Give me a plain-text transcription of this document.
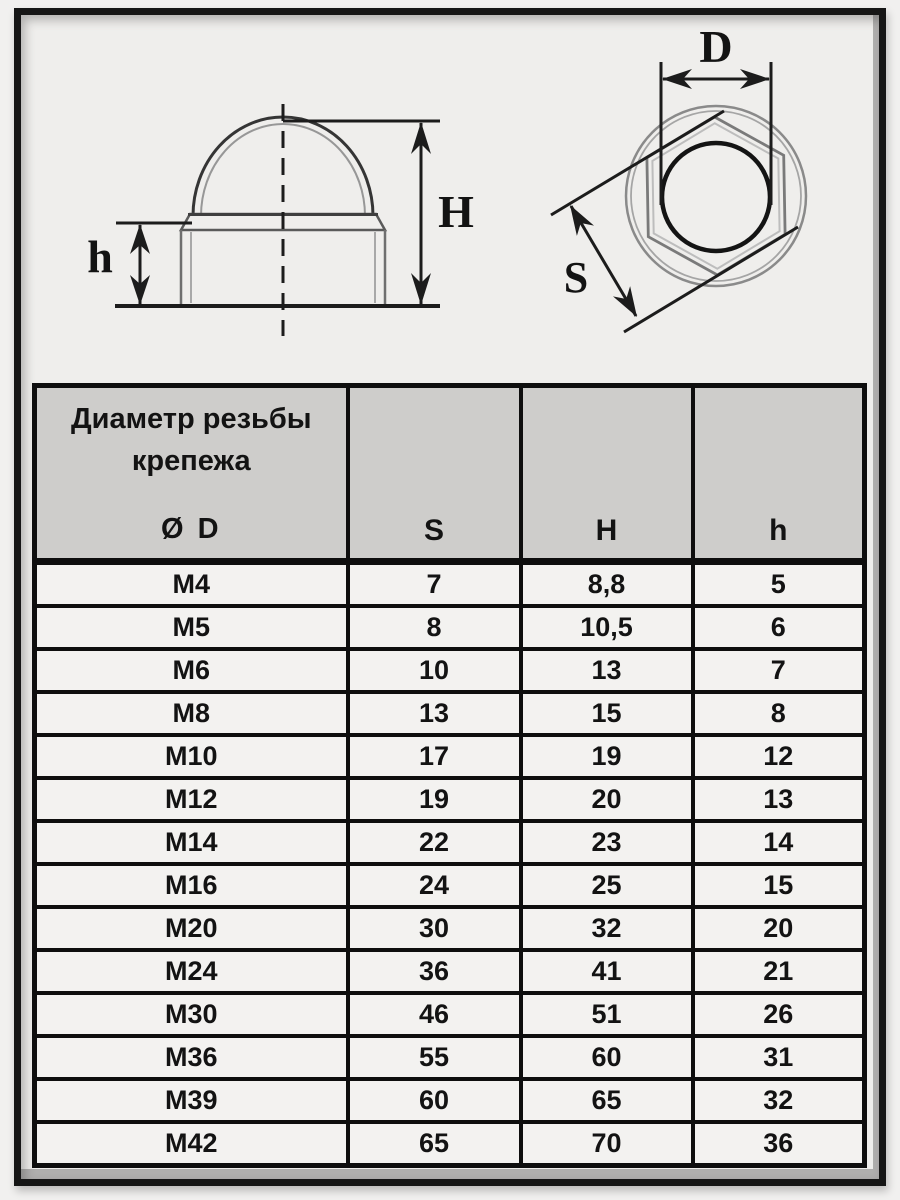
H
h
D
S
Диаметр резьбы
крепежа
Ø D	S	H	h

M4	7	8,8	5
M5	8	10,5	6
M6	10	13	7
M8	13	15	8
M10	17	19	12
M12	19	20	13
M14	22	23	14
M16	24	25	15
M20	30	32	20
M24	36	41	21
M30	46	51	26
M36	55	60	31
M39	60	65	32
M42	65	70	36
